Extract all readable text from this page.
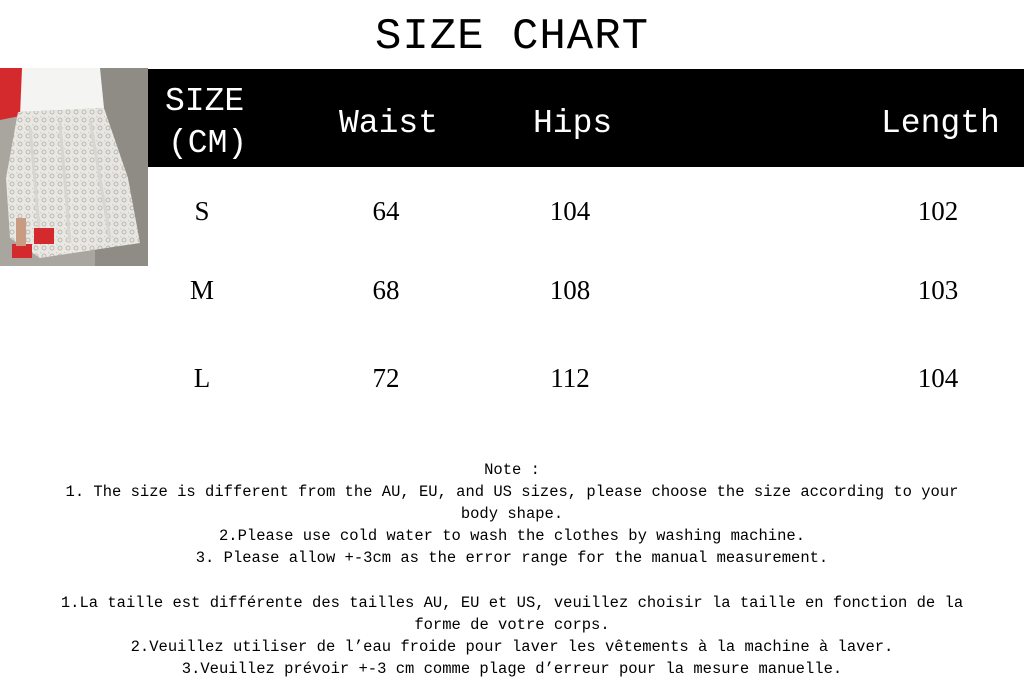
SIZE CHART
SIZE
(CM)
Waist	Hips	Length
S	64	104	102
M	68	108	103
L	72	112	104
Note :
1. The size is different from the AU, EU, and US sizes, please choose the size according to your
body shape.
2.Please use cold water to wash the clothes by washing machine.
3. Please allow +-3cm as the error range for the manual measurement.
1.La taille est différente des tailles AU, EU et US, veuillez choisir la taille en fonction de la
forme de votre corps.
2.Veuillez utiliser de l’eau froide pour laver les vêtements à la machine à laver.
3.Veuillez prévoir +-3 cm comme plage d’erreur pour la mesure manuelle.
